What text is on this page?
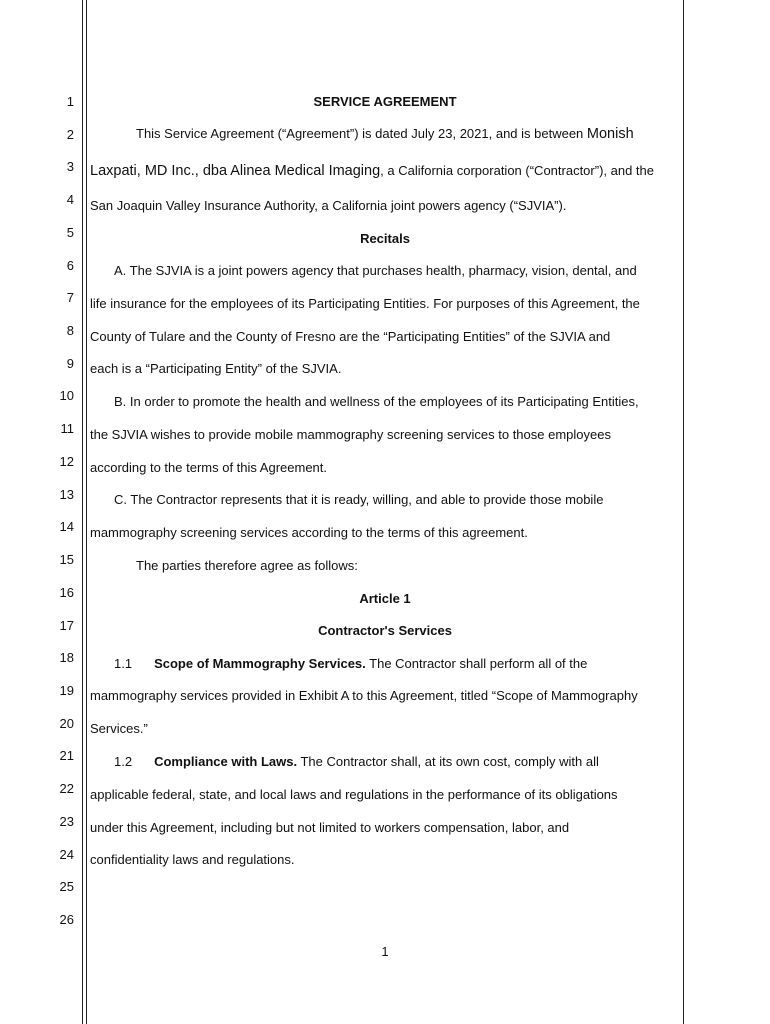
1
2
3
4
5
6
7
8
9
10
11
12
13
14
15
16
17
18
19
20
21
22
23
24
25
26
SERVICE AGREEMENT
This Service Agreement (“Agreement”) is dated July 23, 2021, and is between Monish
Laxpati, MD Inc., dba Alinea Medical Imaging, a California corporation (“Contractor”), and the
San Joaquin Valley Insurance Authority, a California joint powers agency (“SJVIA”).
Recitals
A. The SJVIA is a joint powers agency that purchases health, pharmacy, vision, dental, and
life insurance for the employees of its Participating Entities. For purposes of this Agreement, the
County of Tulare and the County of Fresno are the “Participating Entities” of the SJVIA and
each is a “Participating Entity” of the SJVIA.
B. In order to promote the health and wellness of the employees of its Participating Entities,
the SJVIA wishes to provide mobile mammography screening services to those employees
according to the terms of this Agreement.
C. The Contractor represents that it is ready, willing, and able to provide those mobile
mammography screening services according to the terms of this agreement.
The parties therefore agree as follows:
Article 1
Contractor's Services
1.1 Scope of Mammography Services. The Contractor shall perform all of the
mammography services provided in Exhibit A to this Agreement, titled “Scope of Mammography
Services.”
1.2 Compliance with Laws. The Contractor shall, at its own cost, comply with all
applicable federal, state, and local laws and regulations in the performance of its obligations
under this Agreement, including but not limited to workers compensation, labor, and
confidentiality laws and regulations.
1
